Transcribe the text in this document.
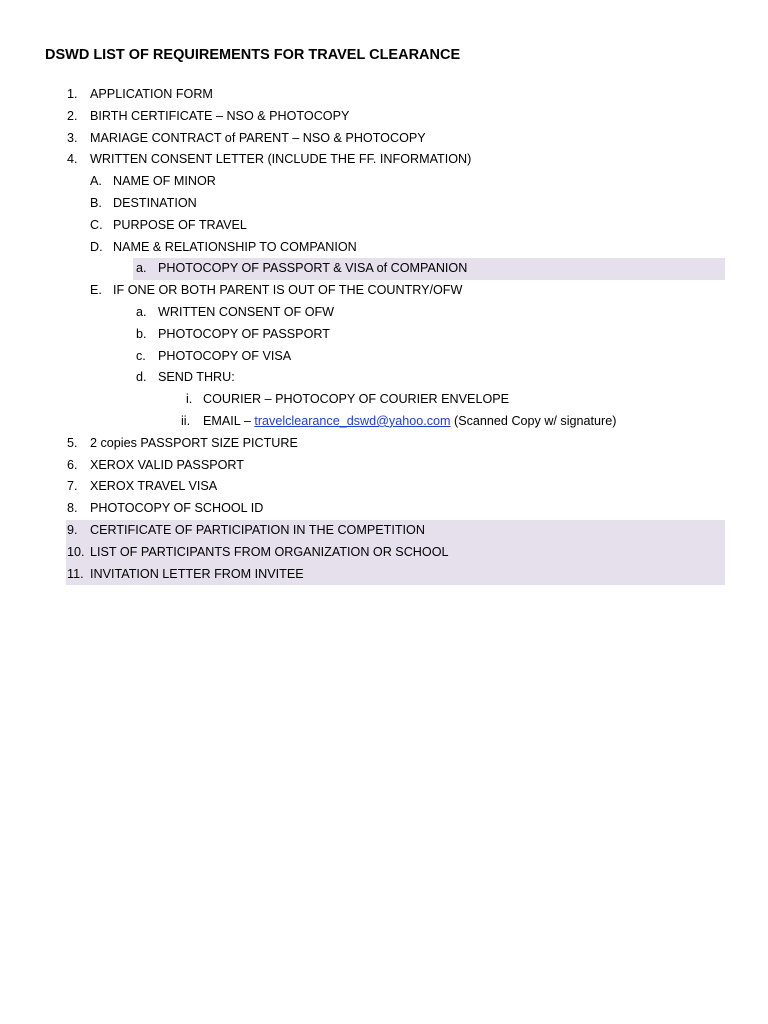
DSWD LIST OF REQUIREMENTS FOR TRAVEL CLEARANCE
1. APPLICATION FORM
2. BIRTH CERTIFICATE – NSO & PHOTOCOPY
3. MARIAGE CONTRACT of PARENT – NSO & PHOTOCOPY
4. WRITTEN CONSENT LETTER (INCLUDE THE FF. INFORMATION)
A. NAME OF MINOR
B. DESTINATION
C. PURPOSE OF TRAVEL
D. NAME & RELATIONSHIP TO COMPANION
a. PHOTOCOPY OF PASSPORT & VISA of COMPANION
E. IF ONE OR BOTH PARENT IS OUT OF THE COUNTRY/OFW
a. WRITTEN CONSENT OF OFW
b. PHOTOCOPY OF PASSPORT
c. PHOTOCOPY OF VISA
d. SEND THRU:
i. COURIER – PHOTOCOPY OF COURIER ENVELOPE
ii. EMAIL – travelclearance_dswd@yahoo.com (Scanned Copy w/ signature)
5. 2 copies PASSPORT SIZE PICTURE
6. XEROX VALID PASSPORT
7. XEROX TRAVEL VISA
8. PHOTOCOPY OF SCHOOL ID
9. CERTIFICATE OF PARTICIPATION IN THE COMPETITION
10. LIST OF PARTICIPANTS FROM ORGANIZATION OR SCHOOL
11. INVITATION LETTER FROM INVITEE
